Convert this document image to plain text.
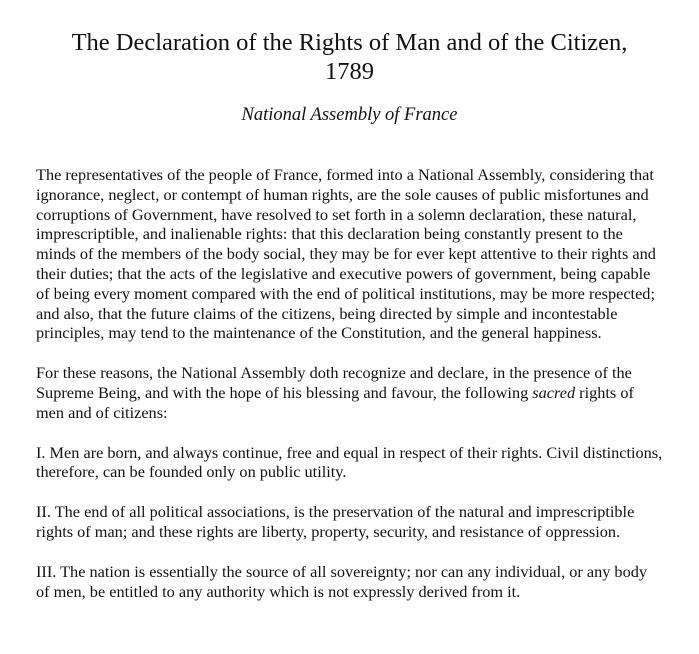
The Declaration of the Rights of Man and of the Citizen,
1789
National Assembly of France

The representatives of the people of France, formed into a National Assembly, considering that ignorance, neglect, or contempt of human rights, are the sole causes of public misfortunes and corruptions of Government, have resolved to set forth in a solemn declaration, these natural, imprescriptible, and inalienable rights: that this declaration being constantly present to the minds of the members of the body social, they may be for ever kept attentive to their rights and their duties; that the acts of the legislative and executive powers of government, being capable of being every moment compared with the end of political institutions, may be more respected; and also, that the future claims of the citizens, being directed by simple and incontestable principles, may tend to the maintenance of the Constitution, and the general happiness.

For these reasons, the National Assembly doth recognize and declare, in the presence of the Supreme Being, and with the hope of his blessing and favour, the following sacred rights of men and of citizens:

I. Men are born, and always continue, free and equal in respect of their rights. Civil distinctions, therefore, can be founded only on public utility.

II. The end of all political associations, is the preservation of the natural and imprescriptible rights of man; and these rights are liberty, property, security, and resistance of oppression.

III. The nation is essentially the source of all sovereignty; nor can any individual, or any body of men, be entitled to any authority which is not expressly derived from it.
